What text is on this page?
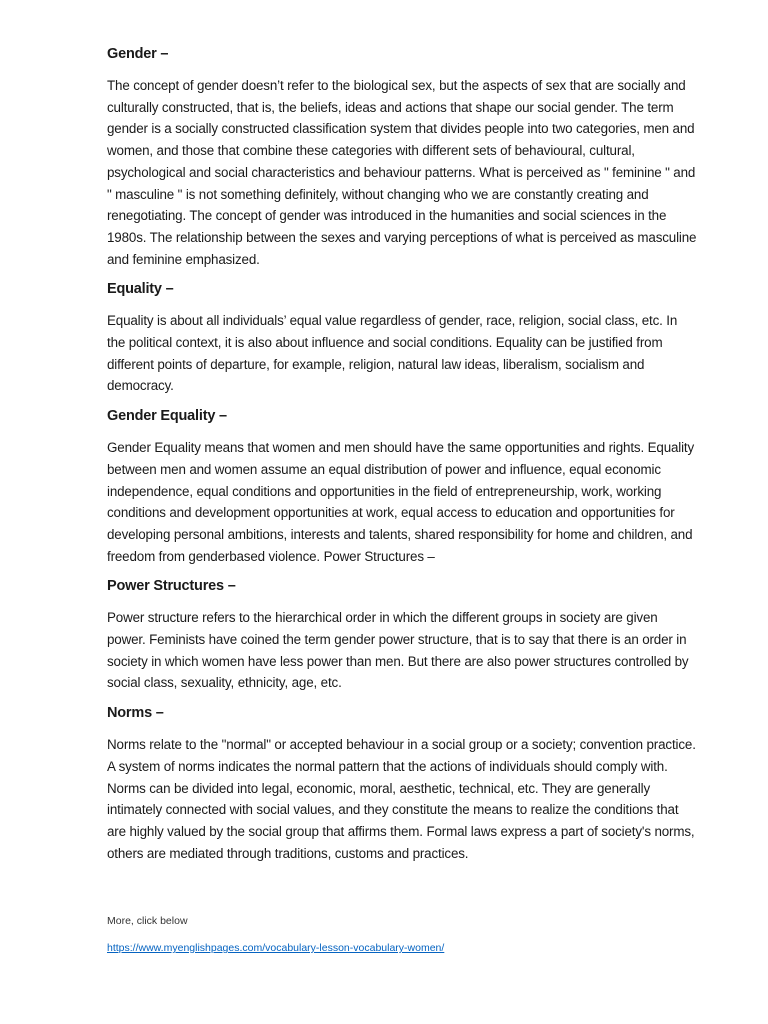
Gender –
The concept of gender doesn’t refer to the biological sex, but the aspects of sex that are socially and culturally constructed, that is, the beliefs, ideas and actions that shape our social gender. The term gender is a socially constructed classification system that divides people into two categories, men and women, and those that combine these categories with different sets of behavioural, cultural, psychological and social characteristics and behaviour patterns. What is perceived as " feminine " and " masculine " is not something definitely, without changing who we are constantly creating and renegotiating. The concept of gender was introduced in the humanities and social sciences in the 1980s. The relationship between the sexes and varying perceptions of what is perceived as masculine and feminine emphasized.
Equality –
Equality is about all individuals’ equal value regardless of gender, race, religion, social class, etc. In the political context, it is also about influence and social conditions. Equality can be justified from different points of departure, for example, religion, natural law ideas, liberalism, socialism and democracy.
Gender Equality –
Gender Equality means that women and men should have the same opportunities and rights. Equality between men and women assume an equal distribution of power and influence, equal economic independence, equal conditions and opportunities in the field of entrepreneurship, work, working conditions and development opportunities at work, equal access to education and opportunities for developing personal ambitions, interests and talents, shared responsibility for home and children, and freedom from genderbased violence. Power Structures –
Power Structures –
Power structure refers to the hierarchical order in which the different groups in society are given power. Feminists have coined the term gender power structure, that is to say that there is an order in society in which women have less power than men. But there are also power structures controlled by social class, sexuality, ethnicity, age, etc.
Norms –
Norms relate to the "normal" or accepted behaviour in a social group or a society; convention practice. A system of norms indicates the normal pattern that the actions of individuals should comply with. Norms can be divided into legal, economic, moral, aesthetic, technical, etc. They are generally intimately connected with social values, and they constitute the means to realize the conditions that are highly valued by the social group that affirms them. Formal laws express a part of society's norms, others are mediated through traditions, customs and practices.
More, click below
https://www.myenglishpages.com/vocabulary-lesson-vocabulary-women/
